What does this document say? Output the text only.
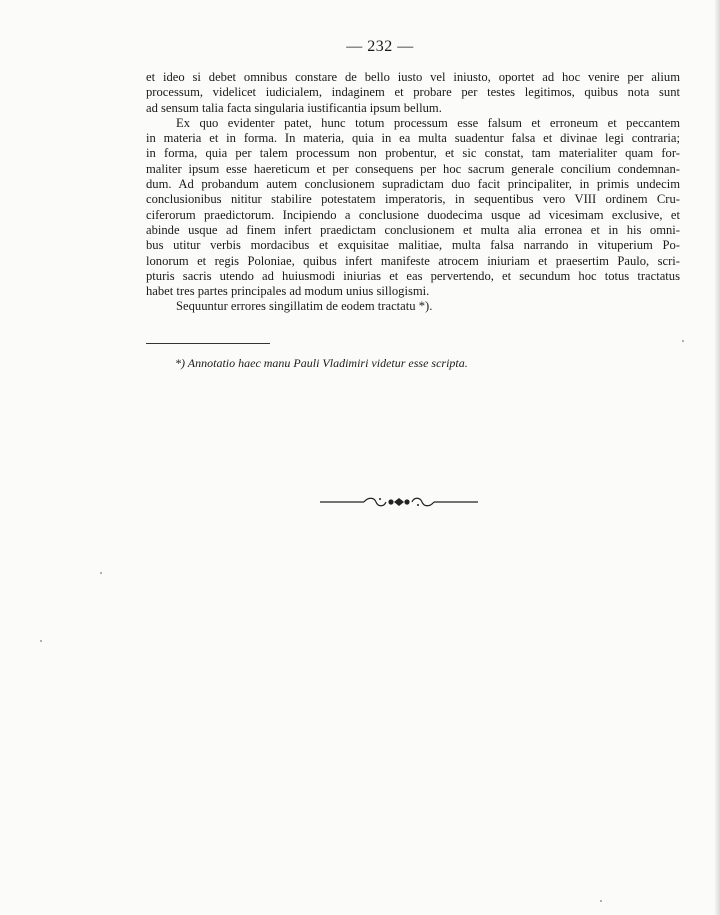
— 232 —
et ideo si debet omnibus constare de bello iusto vel iniusto, oportet ad hoc venire per alium
processum, videlicet iudicialem, indaginem et probare per testes legitimos, quibus nota sunt
ad sensum talia facta singularia iustificantia ipsum bellum.
Ex quo evidenter patet, hunc totum processum esse falsum et erroneum et peccantem
in materia et in forma. In materia, quia in ea multa suadentur falsa et divinae legi contraria;
in forma, quia per talem processum non probentur, et sic constat, tam materialiter quam for-
maliter ipsum esse haereticum et per consequens per hoc sacrum generale concilium condemnan-
dum. Ad probandum autem conclusionem supradictam duo facit principaliter, in primis undecim
conclusionibus nititur stabilire potestatem imperatoris, in sequentibus vero VIII ordinem Cru-
ciferorum praedictorum. Incipiendo a conclusione duodecima usque ad vicesimam exclusive, et
abinde usque ad finem infert praedictam conclusionem et multa alia erronea et in his omni-
bus utitur verbis mordacibus et exquisitae malitiae, multa falsa narrando in vituperium Po-
lonorum et regis Poloniae, quibus infert manifeste atrocem iniuriam et praesertim Paulo, scri-
pturis sacris utendo ad huiusmodi iniurias et eas pervertendo, et secundum hoc totus tractatus
habet tres partes principales ad modum unius sillogismi.
Sequuntur errores singillatim de eodem tractatu *).
*) Annotatio haec manu Pauli Vladimiri videtur esse scripta.
